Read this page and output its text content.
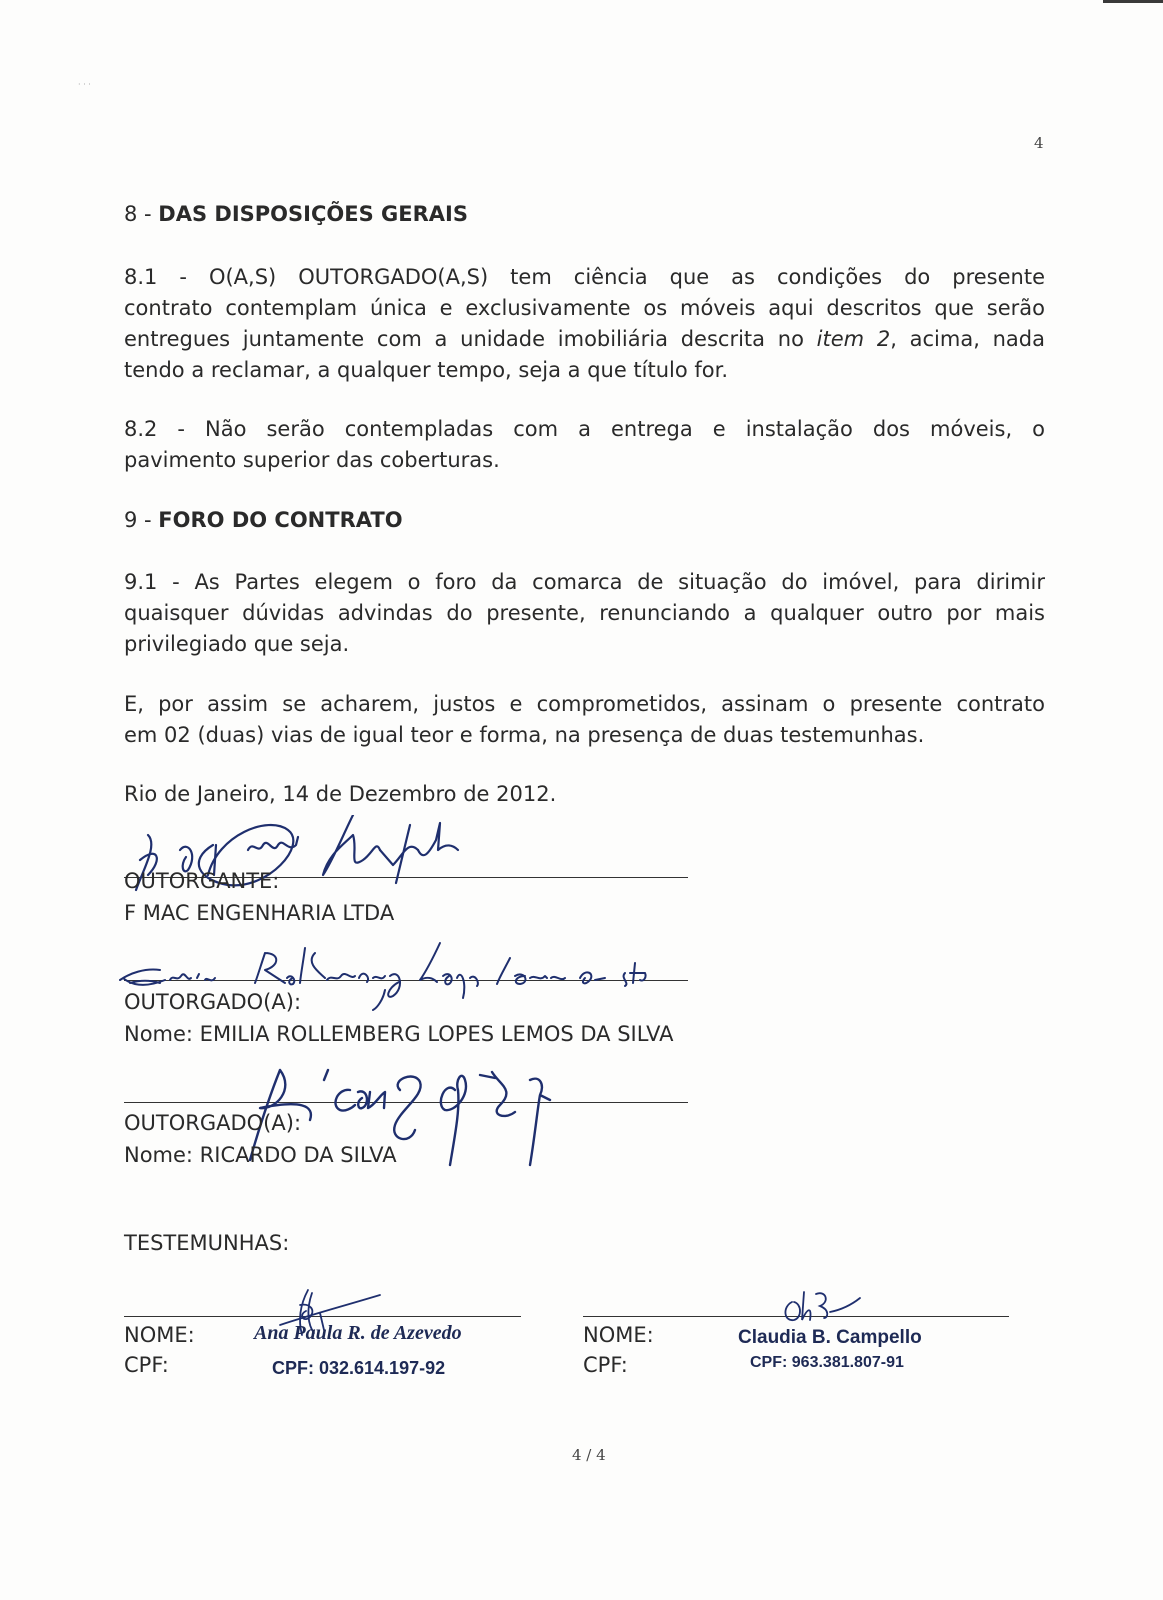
· · ·
4
8 - DAS DISPOSIÇÕES GERAIS
8.1 - O(A,S) OUTORGADO(A,S) tem ciência que as condições do presente
contrato contemplam única e exclusivamente os móveis aqui descritos que serão
entregues juntamente com a unidade imobiliária descrita no item 2, acima, nada
tendo a reclamar, a qualquer tempo, seja a que título for.
8.2 - Não serão contempladas com a entrega e instalação dos móveis, o
pavimento superior das coberturas.
9 - FORO DO CONTRATO
9.1 - As Partes elegem o foro da comarca de situação do imóvel, para dirimir
quaisquer dúvidas advindas do presente, renunciando a qualquer outro por mais
privilegiado que seja.
E, por assim se acharem, justos e comprometidos, assinam o presente contrato
em 02 (duas) vias de igual teor e forma, na presença de duas testemunhas.
Rio de Janeiro, 14 de Dezembro de 2012.
OUTORGANTE:
F MAC ENGENHARIA LTDA
OUTORGADO(A):
Nome: EMILIA ROLLEMBERG LOPES LEMOS DA SILVA
OUTORGADO(A):
Nome: RICARDO DA SILVA
TESTEMUNHAS:
NOME:
CPF:
Ana Paula R. de Azevedo
CPF: 032.614.197-92
NOME:
CPF:
Claudia B. Campello
CPF: 963.381.807-91
4 / 4
